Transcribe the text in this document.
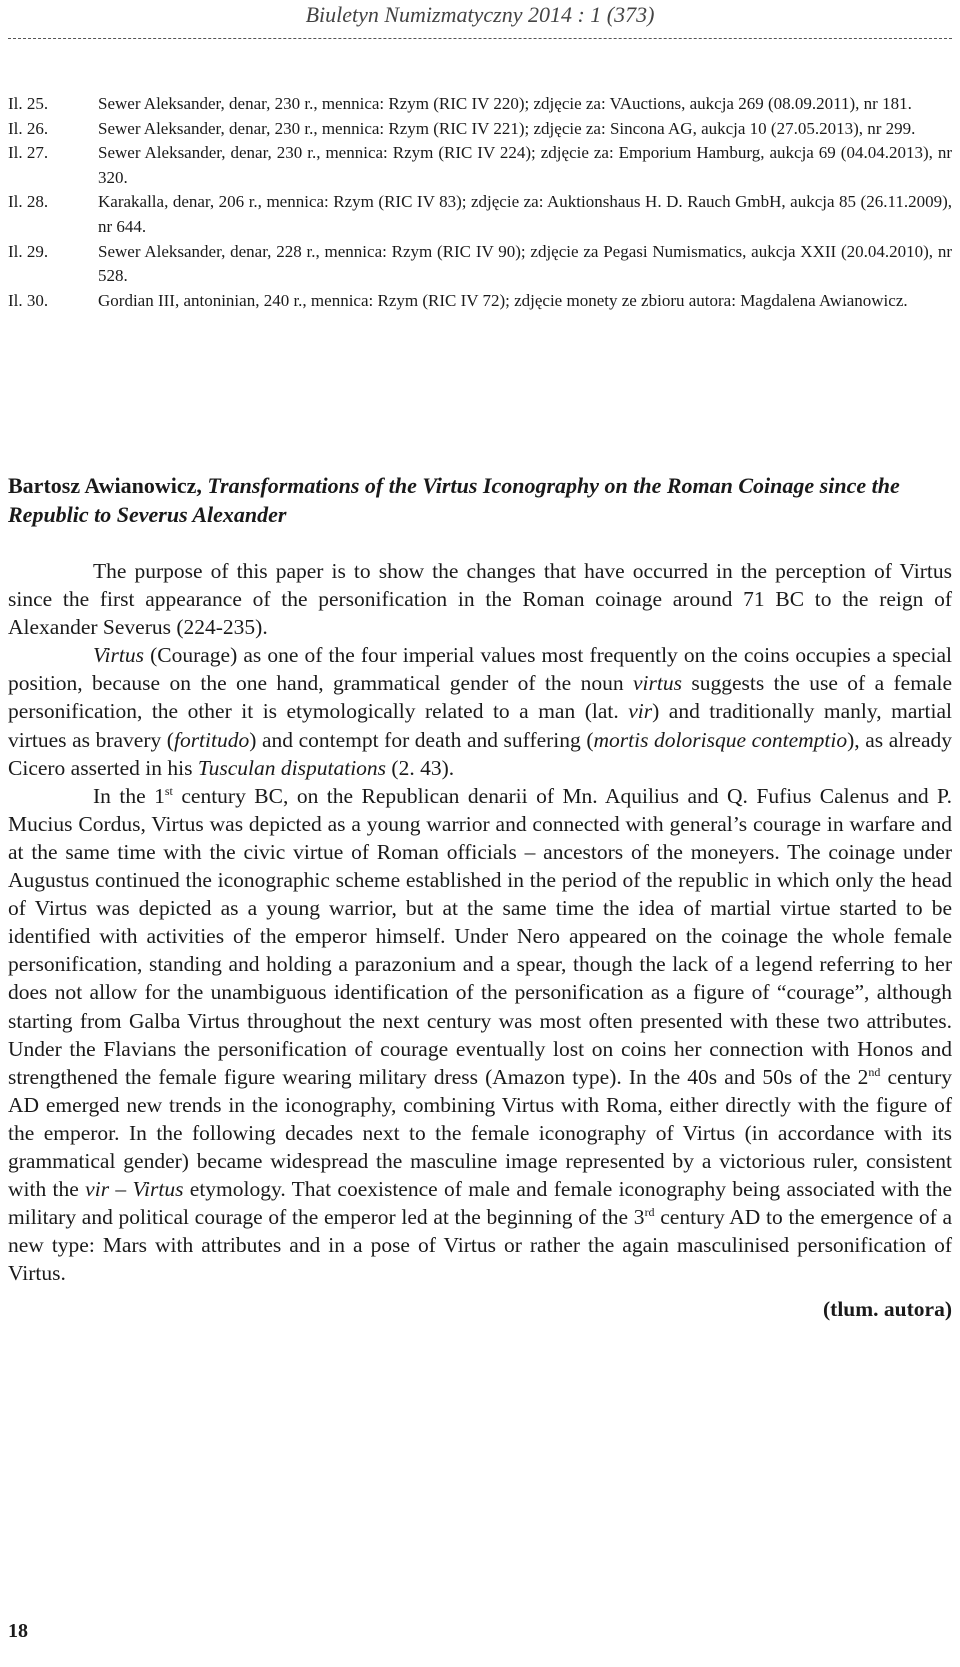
Biuletyn Numizmatyczny 2014 : 1 (373)
Il. 25.	Sewer Aleksander, denar, 230 r., mennica: Rzym (RIC IV 220); zdjęcie za: VAuctions, aukcja 269 (08.09.2011), nr 181.
Il. 26.	Sewer Aleksander, denar, 230 r., mennica: Rzym (RIC IV 221); zdjęcie za: Sincona AG, aukcja 10 (27.05.2013), nr 299.
Il. 27.	Sewer Aleksander, denar, 230 r., mennica: Rzym (RIC IV 224); zdjęcie za: Emporium Hamburg, aukcja 69 (04.04.2013), nr 320.
Il. 28.	Karakalla, denar, 206 r., mennica: Rzym (RIC IV 83); zdjęcie za: Auktionshaus H. D. Rauch GmbH, aukcja 85 (26.11.2009), nr 644.
Il. 29.	Sewer Aleksander, denar, 228 r., mennica: Rzym (RIC IV 90); zdjęcie za Pegasi Numismatics, aukcja XXII (20.04.2010), nr 528.
Il. 30.	Gordian III, antoninian, 240 r., mennica: Rzym (RIC IV 72); zdjęcie monety ze zbioru autora: Magdalena Awianowicz.

Bartosz Awianowicz, Transformations of the Virtus Iconography on the Roman Coinage since the Republic to Severus Alexander

The purpose of this paper is to show the changes that have occurred in the perception of Virtus since the first appearance of the personification in the Roman coinage around 71 BC to the reign of Alexander Severus (224-235).

Virtus (Courage) as one of the four imperial values most frequently on the coins occupies a special position, because on the one hand, grammatical gender of the noun virtus suggests the use of a female personification, the other it is etymologically related to a man (lat. vir) and traditionally manly, martial virtues as bravery (fortitudo) and contempt for death and suffering (mortis dolorisque contemptio), as already Cicero asserted in his Tusculan disputations (2. 43).

In the 1st century BC, on the Republican denarii of Mn. Aquilius and Q. Fufius Calenus and P. Mucius Cordus, Virtus was depicted as a young warrior and connected with general’s courage in warfare and at the same time with the civic virtue of Roman officials – ancestors of the moneyers. The coinage under Augustus continued the iconographic scheme established in the period of the republic in which only the head of Virtus was depicted as a young warrior, but at the same time the idea of martial virtue started to be identified with activities of the emperor himself. Under Nero appeared on the coinage the whole female personification, standing and holding a parazonium and a spear, though the lack of a legend referring to her does not allow for the unambiguous identification of the personification as a figure of “courage”, although starting from Galba Virtus throughout the next century was most often presented with these two attributes. Under the Flavians the personification of courage eventually lost on coins her connection with Honos and strengthened the female figure wearing military dress (Amazon type). In the 40s and 50s of the 2nd century AD emerged new trends in the iconography, combining Virtus with Roma, either directly with the figure of the emperor. In the following decades next to the female iconography of Virtus (in accordance with its grammatical gender) became widespread the masculine image represented by a victorious ruler, consistent with the vir – Virtus etymology. That coexistence of male and female iconography being associated with the military and political courage of the emperor led at the beginning of the 3rd century AD to the emergence of a new type: Mars with attributes and in a pose of Virtus or rather the again masculinised personification of Virtus.

(tlum. autora)
18
